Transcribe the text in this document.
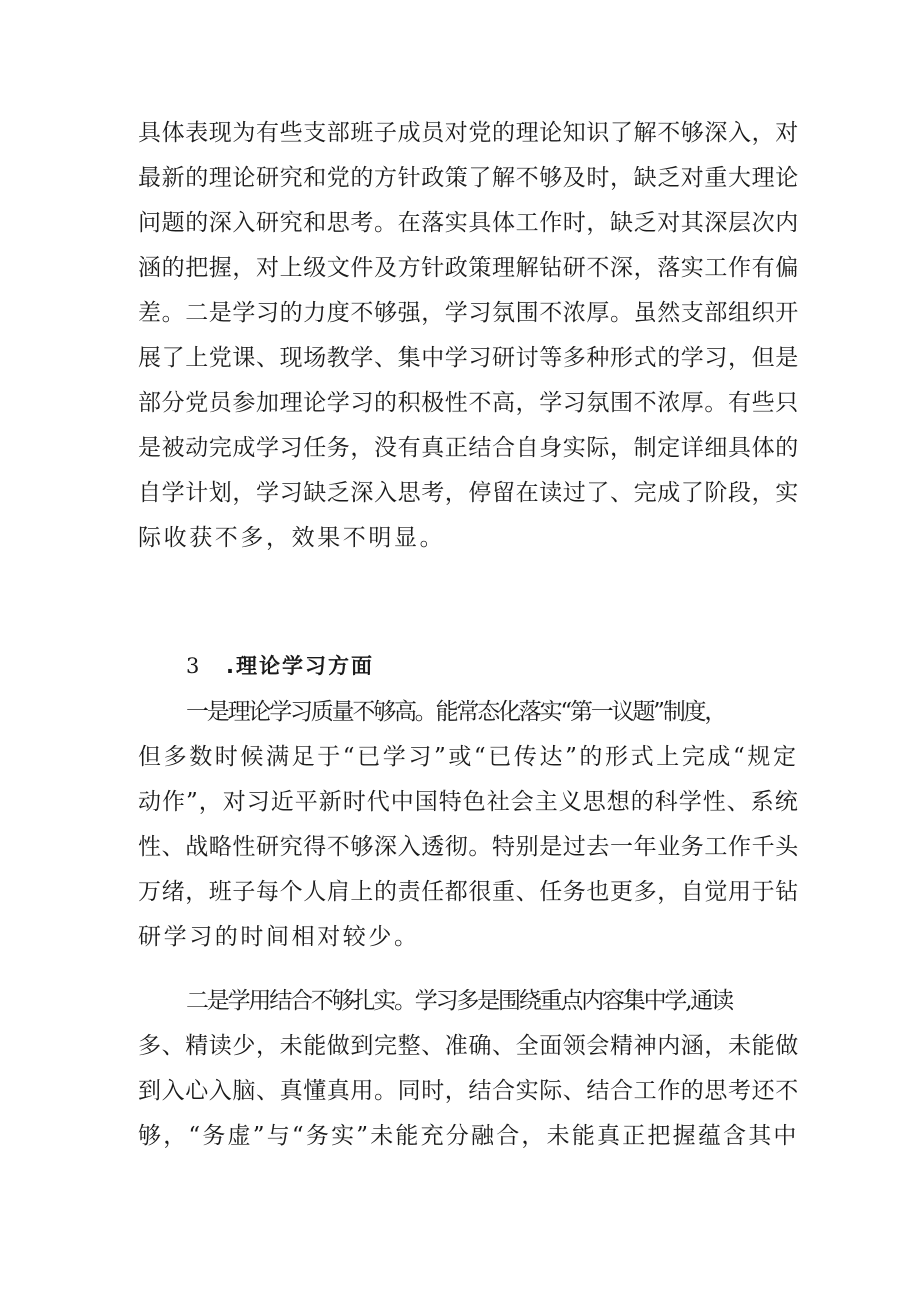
具体表现为有些支部班子成员对党的理论知识了解不够深入，对
最新的理论研究和党的方针政策了解不够及时，缺乏对重大理论
问题的深入研究和思考。在落实具体工作时，缺乏对其深层次内
涵的把握，对上级文件及方针政策理解钻研不深，落实工作有偏
差。二是学习的力度不够强，学习氛围不浓厚。虽然支部组织开
展了上党课、现场教学、集中学习研讨等多种形式的学习，但是
部分党员参加理论学习的积极性不高，学习氛围不浓厚。有些只
是被动完成学习任务，没有真正结合自身实际，制定详细具体的
自学计划，学习缺乏深入思考，停留在读过了、完成了阶段，实
际收获不多，效果不明显。
3 .理论学习方面
一是理论学习质量不够高。能常态化落实“第一议题”制度，
但多数时候满足于“已学习”或“已传达”的形式上完成“规定
动作”，对习近平新时代中国特色社会主义思想的科学性、系统
性、战略性研究得不够深入透彻。特别是过去一年业务工作千头
万绪，班子每个人肩上的责任都很重、任务也更多，自觉用于钻
研学习的时间相对较少。
二是学用结合不够扎实。学习多是围绕重点内容集中学,通读
多、精读少，未能做到完整、准确、全面领会精神内涵，未能做
到入心入脑、真懂真用。同时，结合实际、结合工作的思考还不
够，“务虚”与“务实”未能充分融合，未能真正把握蕴含其中
